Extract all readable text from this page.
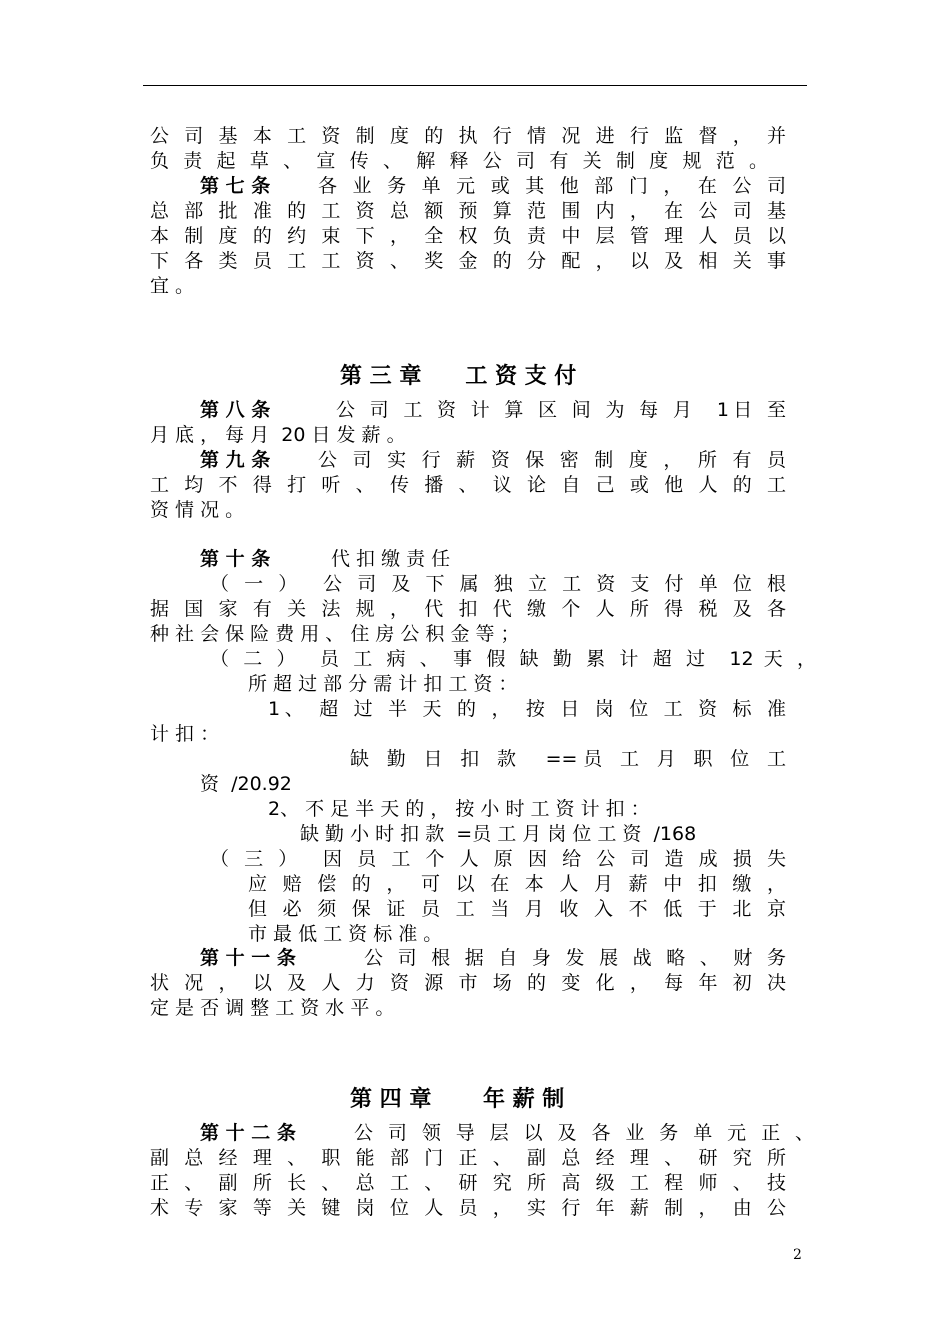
公 司 基 本 工 资 制 度 的 执 行 情 况 进 行 监 督 ， 并
负 责 起 草 、 宣 传 、 解 释 公 司 有 关 制 度 规 范 。
第 七 条	各 业 务 单 元 或 其 他 部 门 ， 在 公 司
总 部 批 准 的 工 资 总 额 预 算 范 围 内 ， 在 公 司 基
本 制 度 的 约 束 下 ， 全 权 负 责 中 层 管 理 人 员 以
下 各 类 员 工 工 资 、 奖 金 的 分 配 ， 以 及 相 关 事
宜 。
第 三 章　　工 资 支 付
第 八 条	公 司 工 资 计 算 区 间 为 每 月  1日 至
月 底 ， 每 月  20 日 发 薪 。
第 九 条	公 司 实 行 薪 资 保 密 制 度 ， 所 有 员
工 均 不 得 打 听 、 传 播 、 议 论 自 己 或 他 人 的 工
资 情 况 。
第 十 条	代 扣 缴 责 任
（ 一 ）  公 司 及 下 属 独 立 工 资 支 付 单 位 根
据 国 家 有 关 法 规 ， 代 扣 代 缴 个 人 所 得 税 及 各
种 社 会 保 险 费 用 、 住 房 公 积 金 等 ；
（ 二 ）  员 工 病 、 事 假 缺 勤 累 计 超 过  12 天 ，
所 超 过 部 分 需 计 扣 工 资 ：
1、 超 过 半 天 的 ， 按 日 岗 位 工 资 标 准
计 扣 ：
缺 勤 日 扣 款  ==员 工 月 职 位 工
资  /20.92
2、 不 足 半 天 的 ， 按 小 时 工 资 计 扣 ：
缺 勤 小 时 扣 款  =员 工 月 岗 位 工 资  /168
（ 三 ）  因 员 工 个 人 原 因 给 公 司 造 成 损 失
应 赔 偿 的 ， 可 以 在 本 人 月 薪 中 扣 缴 ，
但 必 须 保 证 员 工 当 月 收 入 不 低 于 北 京
市 最 低 工 资 标 准 。
第 十 一 条	公 司 根 据 自 身 发 展 战 略 、 财 务
状 况 ， 以 及 人 力 资 源 市 场 的 变 化 ， 每 年 初 决
定 是 否 调 整 工 资 水 平 。
第 四 章　　 年 薪 制
第 十 二 条	公 司 领 导 层 以 及 各 业 务 单 元 正 、
副 总 经 理 、 职 能 部 门 正 、 副 总 经 理 、 研 究 所
正 、 副 所 长 、 总 工 、 研 究 所 高 级 工 程 师 、 技
术 专 家 等 关 键 岗 位 人 员 ， 实 行 年 薪 制 ， 由 公
2
